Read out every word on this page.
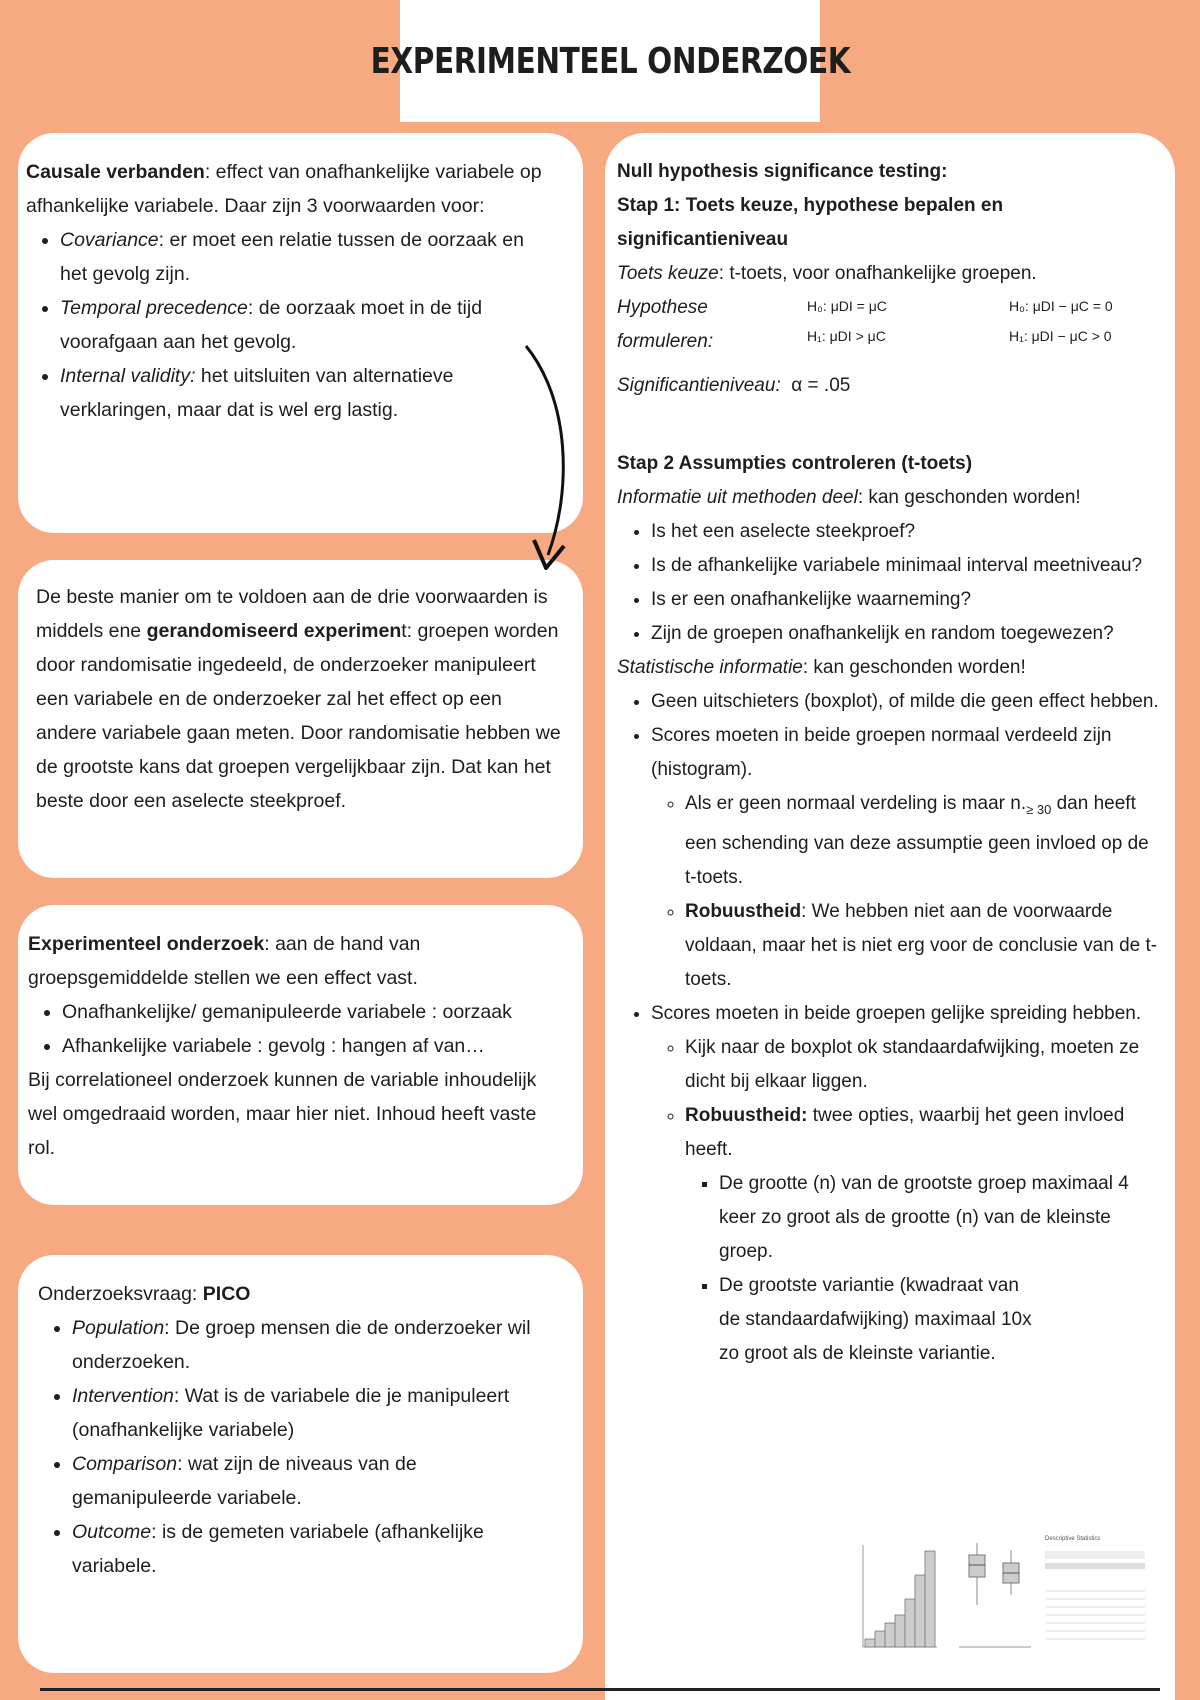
EXPERIMENTEEL ONDERZOEK

Causale verbanden: effect van onafhankelijke variabele op afhankelijke variabele. Daar zijn 3 voorwaarden voor:

• Covariance: er moet een relatie tussen de oorzaak en het gevolg zijn.
• Temporal precedence: de oorzaak moet in de tijd voorafgaan aan het gevolg.
• Internal validity: het uitsluiten van alternatieve verklaringen, maar dat is wel erg lastig.

De beste manier om te voldoen aan de drie voorwaarden is middels ene gerandomiseerd experiment: groepen worden door randomisatie ingedeeld, de onderzoeker manipuleert een variabele en de onderzoeker zal het effect op een andere variabele gaan meten. Door randomisatie hebben we de grootste kans dat groepen vergelijkbaar zijn. Dat kan het beste door een aselecte steekproef.

Experimenteel onderzoek: aan de hand van groepsgemiddelde stellen we een effect vast.

• Onafhankelijke/ gemanipuleerde variabele : oorzaak
• Afhankelijke variabele : gevolg : hangen af van…

Bij correlationeel onderzoek kunnen de variable inhoudelijk wel omgedraaid worden, maar hier niet. Inhoud heeft vaste rol.

Onderzoeksvraag: PICO

• Population: De groep mensen die de onderzoeker wil onderzoeken.
• Intervention: Wat is de variabele die je manipuleert (onafhankelijke variabele)
• Comparison: wat zijn de niveaus van de gemanipuleerde variabele.
• Outcome: is de gemeten variabele (afhankelijke variabele.

Null hypothesis significance testing:

Stap 1: Toets keuze, hypothese bepalen en significantieniveau

Toets keuze: t-toets, voor onafhankelijke groepen.

Hypothese formuleren:
H₀: μDI = μC
H₁: μDI > μC
H₀: μDI − μC = 0
H₁: μDI − μC > 0

Significantieniveau: α = .05

Stap 2 Assumpties controleren (t-toets)

Informatie uit methoden deel: kan geschonden worden!

• Is het een aselecte steekproef?
• Is de afhankelijke variabele minimaal interval meetniveau?
• Is er een onafhankelijke waarneming?
• Zijn de groepen onafhankelijk en random toegewezen?

Statistische informatie: kan geschonden worden!

• Geen uitschieters (boxplot), of milde die geen effect hebben.
• Scores moeten in beide groepen normaal verdeeld zijn (histogram).
◦ Als er geen normaal verdeling is maar $n._{\ge 30}$ dan heeft een schending van deze assumptie geen invloed op de t-toets.
◦ Robuustheid: We hebben niet aan de voorwaarde voldaan, maar het is niet erg voor de conclusie van de t-toets.
• Scores moeten in beide groepen gelijke spreiding hebben.
◦ Kijk naar de boxplot ok standaardafwijking, moeten ze dicht bij elkaar liggen.
◦ Robuustheid: twee opties, waarbij het geen invloed heeft.
▪ De grootte (n) van de grootste groep maximaal 4 keer zo groot als de grootte (n) van de kleinste groep.
▪ De grootste variantie (kwadraat van de standaardafwijking) maximaal 10x zo groot als de kleinste variantie.
Descriptive Statistics
